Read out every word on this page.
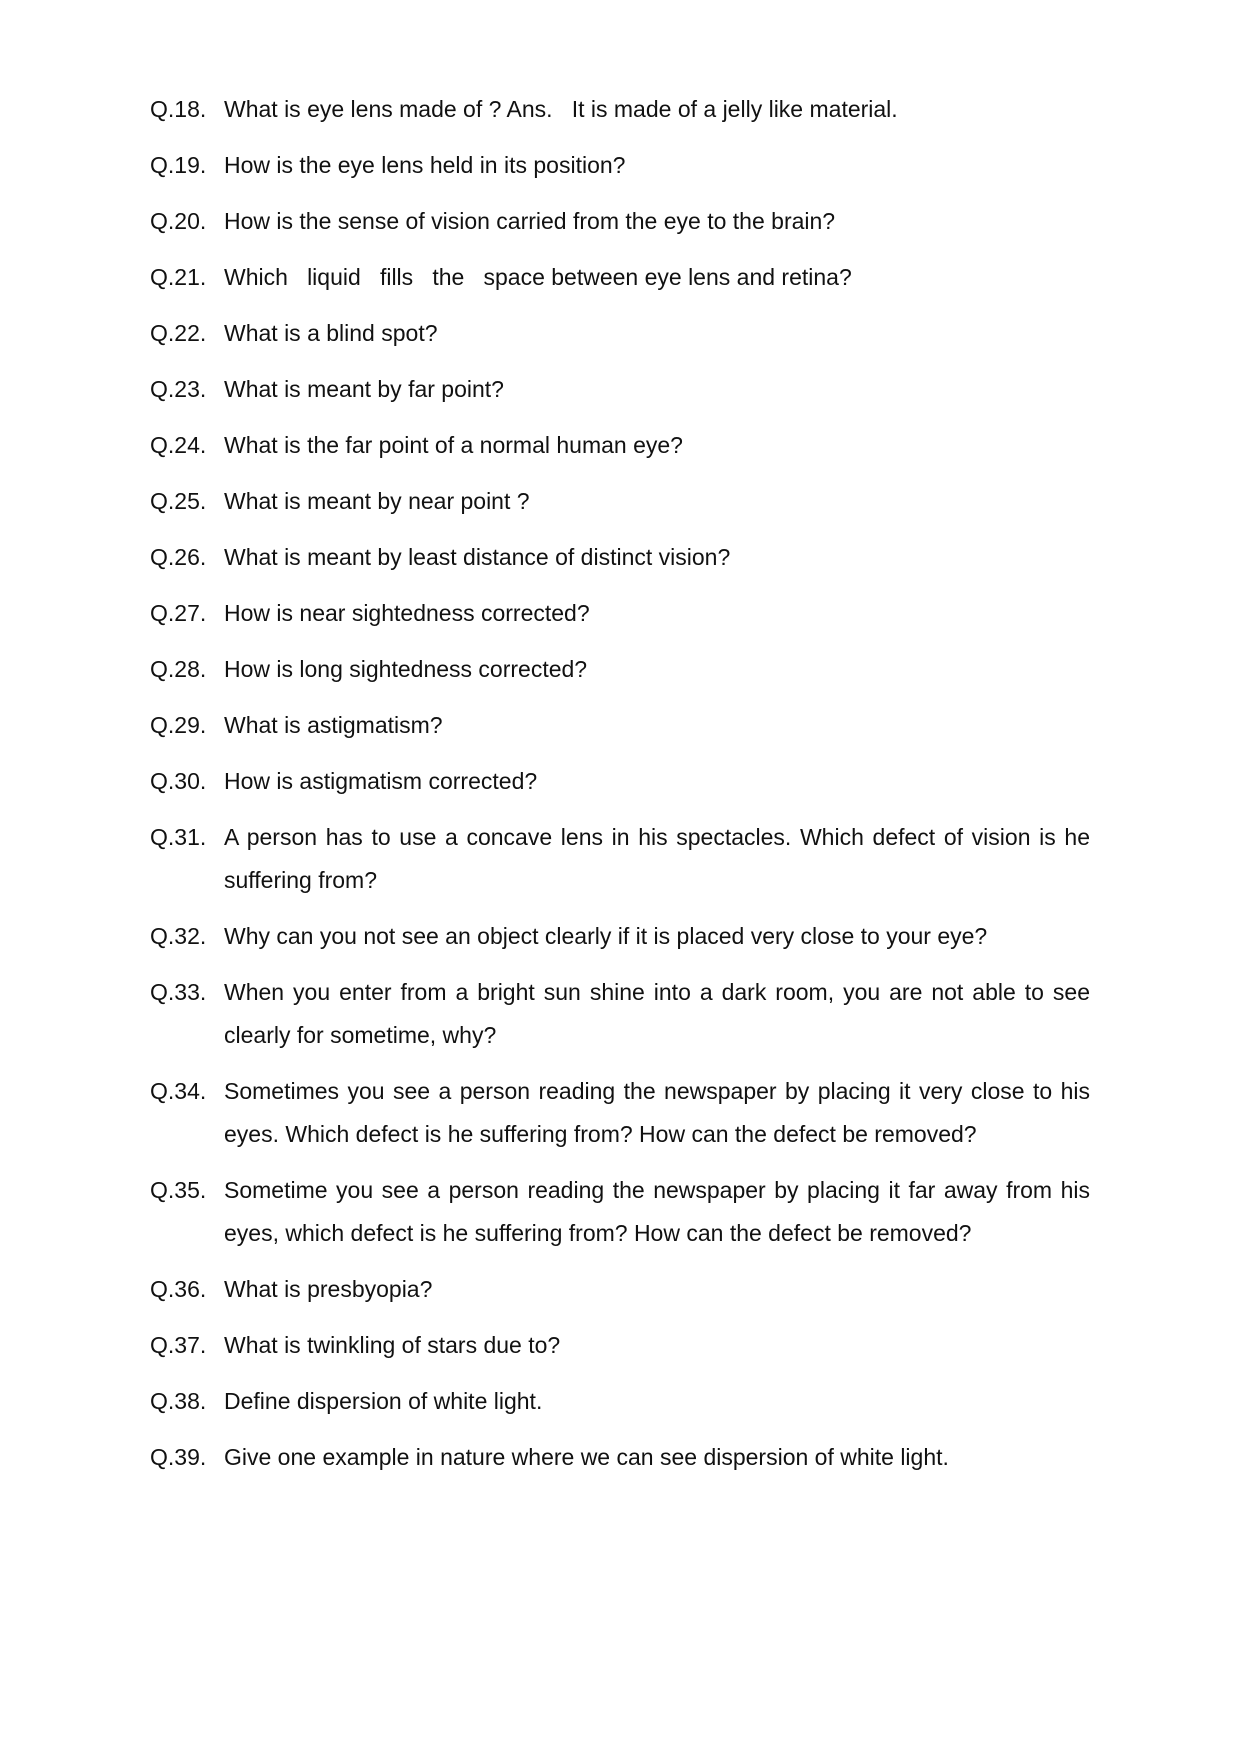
Q.18. What is eye lens made of ? Ans.   It is made of a jelly like material.
Q.19. How is the eye lens held in its position?
Q.20. How is the sense of vision carried from the eye to the brain?
Q.21. Which   liquid   fills   the   space between eye lens and retina?
Q.22. What is a blind spot?
Q.23. What is meant by far point?
Q.24. What is the far point of a normal human eye?
Q.25. What is meant by near point ?
Q.26. What is meant by least distance of distinct vision?
Q.27. How is near sightedness corrected?
Q.28. How is long sightedness corrected?
Q.29. What is astigmatism?
Q.30. How is astigmatism corrected?
Q.31. A person has to use a concave lens in his spectacles. Which defect of vision is he suffering from?
Q.32. Why can you not see an object clearly if it is placed very close to your eye?
Q.33. When you enter from a bright sun shine into a dark room, you are not able to see clearly for sometime, why?
Q.34. Sometimes you see a person reading the newspaper by placing it very close to his eyes. Which defect is he suffering from? How can the defect be removed?
Q.35. Sometime you see a person reading the newspaper by placing it far away from his eyes, which defect is he suffering from? How can the defect be removed?
Q.36. What is presbyopia?
Q.37. What is twinkling of stars due to?
Q.38. Define dispersion of white light.
Q.39. Give one example in nature where we can see dispersion of white light.
